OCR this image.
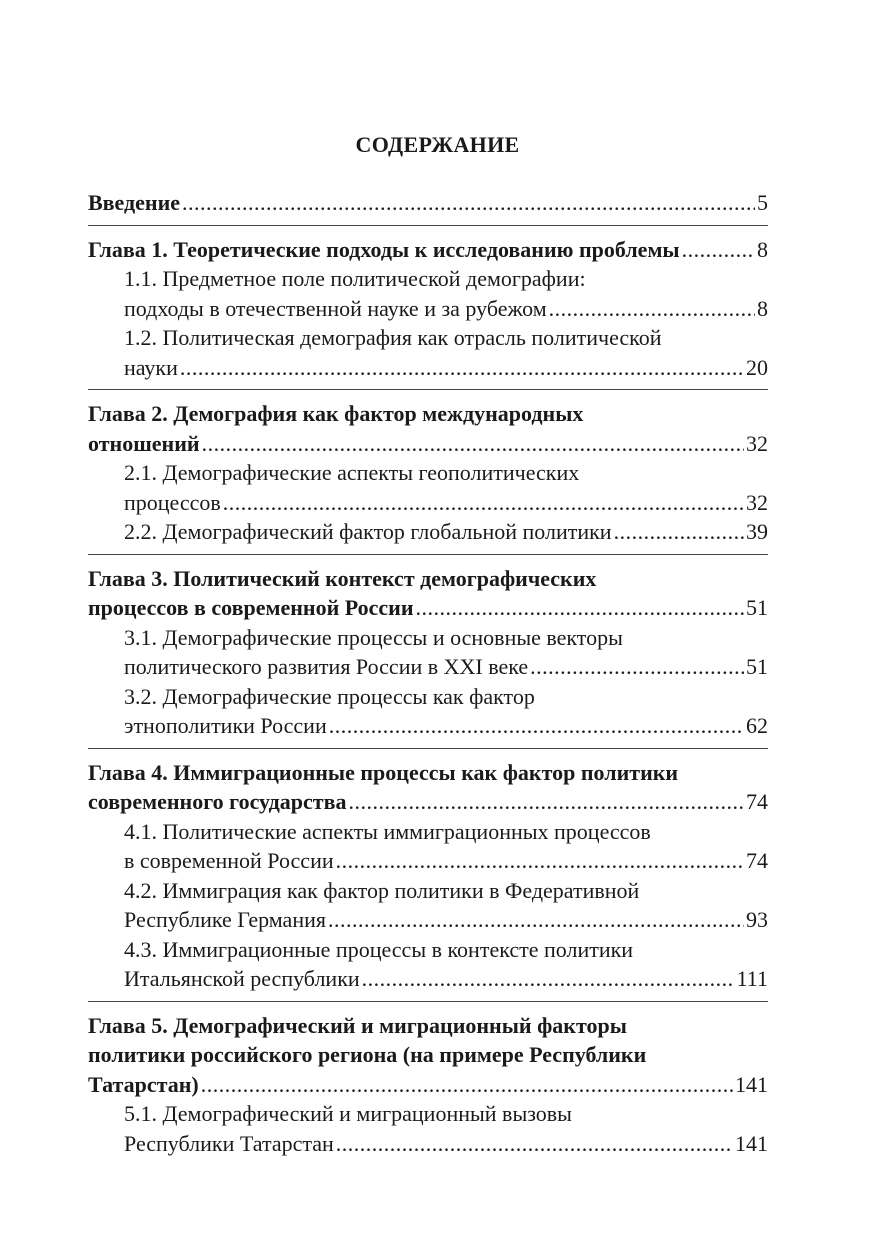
СОДЕРЖАНИЕ
Введение .....	5
Глава 1. Теоретические подходы к исследованию проблемы .....	8
1.1. Предметное поле политической демографии:
подходы в отечественной науке и за рубежом .....	8
1.2. Политическая демография как отрасль политической
науки .....	20
Глава 2. Демография как фактор международных
отношений .....	32
2.1. Демографические аспекты геополитических
процессов .....	32
2.2. Демографический фактор глобальной политики .....	39
Глава 3. Политический контекст демографических
процессов в современной России .....	51
3.1. Демографические процессы и основные векторы
политического развития России в XXI веке .....	51
3.2. Демографические процессы как фактор
этнополитики России .....	62
Глава 4. Иммиграционные процессы как фактор политики
современного государства .....	74
4.1. Политические аспекты иммиграционных процессов
в современной России .....	74
4.2. Иммиграция как фактор политики в Федеративной
Республике Германия .....	93
4.3. Иммиграционные процессы в контексте политики
Итальянской республики .....	111
Глава 5. Демографический и миграционный факторы
политики российского региона (на примере Республики
Татарстан) .....	141
5.1. Демографический и миграционный вызовы
Республики Татарстан .....	141
